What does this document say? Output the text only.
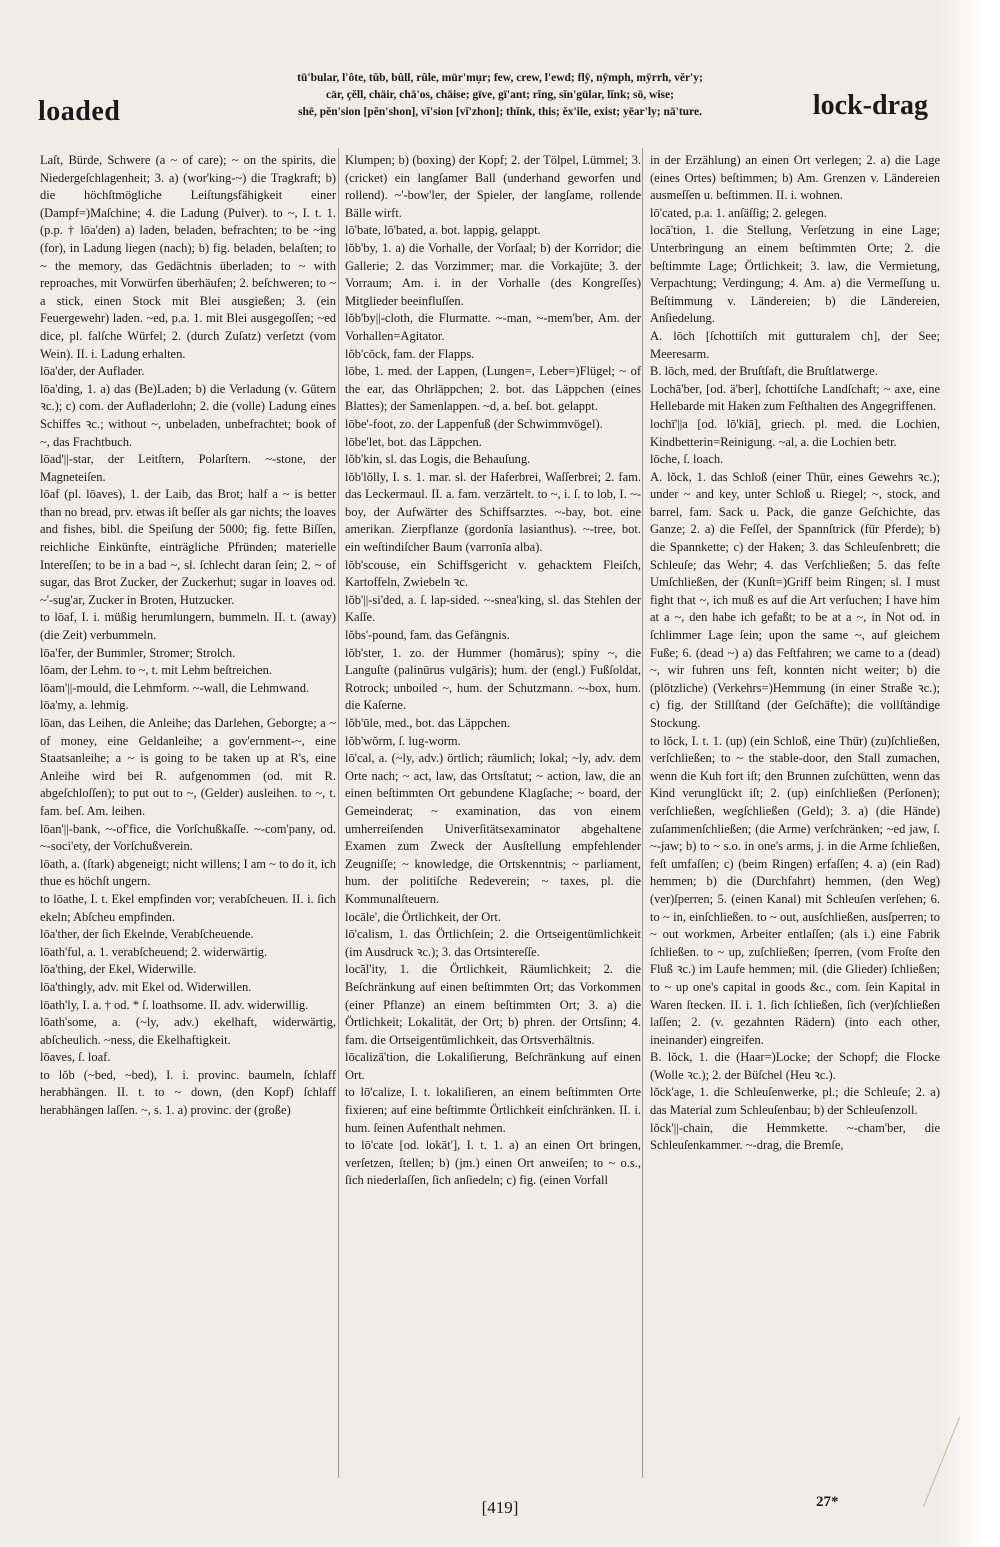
loaded
tū'bular, l'ôte, tŭb, bûll, rûle, mür'mụr; few, crew, l'ewd; flȳ, nȳmph, mȳrrh, vĕr'y;
cär, çĕll, chäir, chā'os, chāise; gïve, gï'ant; rĭng, sĭn'gülar, lĭnk; sō, wise;
shē, pĕn'sion [pĕn'shon], vĭ'sion [vĭ'zhon]; thĭnk, this; ĕx'ile, exist; yēar'ly; nā'ture.	lock-drag

Laſt, Bürde, Schwere (a ~ of care); ~ on the spirits, die Niedergeſchlagenheit; 3. a) (wor'king-~) die Tragkraft; b) die höchſtmögliche Leiſtungsfähigkeit einer (Dampf=)Maſchine; 4. die Ladung (Pulver). to ~, I. t. 1. (p.p. † lōa'den) a) laden, beladen, befrachten; to be ~ing (for), in Ladung liegen (nach); b) fig. beladen, belaſten; to ~ the memory, das Gedächtnis überladen; to ~ with reproaches, mit Vorwürfen überhäufen; 2. beſchweren; to ~ a stick, einen Stock mit Blei ausgießen; 3. (ein Feuergewehr) laden. ~ed, p.a. 1. mit Blei ausgegoſſen; ~ed dice, pl. falſche Würfel; 2. (durch Zuſatz) verſetzt (vom Wein). II. i. Ladung erhalten.

lōa'der, der Auflader.

lōa'ding, 1. a) das (Be)Laden; b) die Verladung (v. Gütern ꝛc.); c) com. der Aufladerlohn; 2. die (volle) Ladung eines Schiffes ꝛc.; without ~, unbeladen, unbefrachtet; book of ~, das Frachtbuch.

lōad'||-star, der Leitſtern, Polarſtern. ~-stone, der Magneteiſen.

lōaf (pl. lōaves), 1. der Laib, das Brot; half a ~ is better than no bread, prv. etwas iſt beſſer als gar nichts; the loaves and fishes, bibl. die Speiſung der 5000; fig. fette Biſſen, reichliche Einkünfte, einträgliche Pfründen; materielle Intereſſen; to be in a bad ~, sl. ſchlecht daran ſein; 2. ~ of sugar, das Brot Zucker, der Zuckerhut; sugar in loaves od. ~'-sug'ar, Zucker in Broten, Hutzucker.

to lōaf, I. i. müßig herumlungern, bummeln. II. t. (away) (die Zeit) verbummeln.

lōa'fer, der Bummler, Stromer; Strolch.

lōam, der Lehm. to ~, t. mit Lehm beſtreichen.

lōam'||-mould, die Lehmform. ~-wall, die Lehmwand.

lōa'my, a. lehmig.

lōan, das Leihen, die Anleihe; das Darlehen, Geborgte; a ~ of money, eine Geldanleihe; a gov'ernment-~, eine Staatsanleihe; a ~ is going to be taken up at R's, eine Anleihe wird bei R. aufgenommen (od. mit R. abgeſchloſſen); to put out to ~, (Gelder) ausleihen. to ~, t. fam. beſ. Am. leihen.

lōan'||-bank, ~-of'fice, die Vorſchußkaſſe. ~-com'pany, od. ~-soci'ety, der Vorſchußverein.

lōath, a. (ſtark) abgeneigt; nicht willens; I am ~ to do it, ich thue es höchſt ungern.

to lōathe, I. t. Ekel empfinden vor; verabſcheuen. II. i. ſich ekeln; Abſcheu empfinden.

lōa'ther, der ſich Ekelnde, Verabſcheuende.

lōath'ful, a. 1. verabſcheuend; 2. widerwärtig.

lōa'thing, der Ekel, Widerwille.

lōa'thingly, adv. mit Ekel od. Widerwillen.

lōath'ly, I. a. † od. * ſ. loathsome. II. adv. widerwillig.

lōath'some, a. (~ly, adv.) ekelhaft, widerwärtig, abſcheulich. ~ness, die Ekelhaftigkeit.

lōaves, ſ. loaf.

to lŏb (~bed, ~bed), I. i. provinc. baumeln, ſchlaff herabhängen. II. t. to ~ down, (den Kopf) ſchlaff herabhängen laſſen. ~, s. 1. a) provinc. der (große)

Klumpen; b) (boxing) der Kopf; 2. der Tölpel, Lümmel; 3. (cricket) ein langſamer Ball (underhand geworfen und rollend). ~'-bow'ler, der Spieler, der langſame, rollende Bälle wirft.

lō'bate, lō'bated, a. bot. lappig, gelappt.

lŏb'by, 1. a) die Vorhalle, der Vorſaal; b) der Korridor; die Gallerie; 2. das Vorzimmer; mar. die Vorkajüte; 3. der Vorraum; Am. i. in der Vorhalle (des Kongreſſes) Mitglieder beeinfluſſen.

lŏb'by||-cloth, die Flurmatte. ~-man, ~-mem'ber, Am. der Vorhallen=Agitator.

lŏb'cŏck, fam. der Flapps.

lōbe, 1. med. der Lappen, (Lungen=, Leber=)Flügel; ~ of the ear, das Ohrläppchen; 2. bot. das Läppchen (eines Blattes); der Samenlappen. ~d, a. beſ. bot. gelappt.

lōbe'-foot, zo. der Lappenfuß (der Schwimmvögel).

lōbe'let, bot. das Läppchen.

lŏb'kin, sl. das Logis, die Behauſung.

lŏb'lŏlly, I. s. 1. mar. sl. der Haferbrei, Waſſerbrei; 2. fam. das Leckermaul. II. a. fam. verzärtelt. to ~, i. ſ. to lob, I. ~-boy, der Aufwärter des Schiffsarztes. ~-bay, bot. eine amerikan. Zierpflanze (gordonĭa lasianthus). ~-tree, bot. ein weſtindiſcher Baum (varronĭa alba).

lŏb'scouse, ein Schiffsgericht v. gehacktem Fleiſch, Kartoffeln, Zwiebeln ꝛc.

lŏb'||-si'ded, a. ſ. lap-sided. ~-snea'king, sl. das Stehlen der Kaſſe.

lŏbs'-pound, fam. das Gefängnis.

lŏb'ster, 1. zo. der Hummer (homărus); spiny ~, die Languſte (palinūrus vulgāris); hum. der (engl.) Fußſoldat, Rotrock; unboiled ~, hum. der Schutzmann. ~-box, hum. die Kaſerne.

lŏb'ūle, med., bot. das Läppchen.

lŏb'wŏrm, ſ. lug-worm.

lō'cal, a. (~ly, adv.) örtlich; räumlich; lokal; ~ly, adv. dem Orte nach; ~ act, law, das Ortsſtatut; ~ action, law, die an einen beſtimmten Ort gebundene Klagſache; ~ board, der Gemeinderat; ~ examination, das von einem umherreiſenden Univerſitätsexaminator abgehaltene Examen zum Zweck der Ausſtellung empfehlender Zeugniſſe; ~ knowledge, die Ortskenntnis; ~ parliament, hum. der politiſche Redeverein; ~ taxes, pl. die Kommunalſteuern.

locāle', die Örtlichkeit, der Ort.

lō'calism, 1. das Örtlichſein; 2. die Ortseigentümlichkeit (im Ausdruck ꝛc.); 3. das Ortsintereſſe.

locăl'ity, 1. die Örtlichkeit, Räumlichkeit; 2. die Beſchränkung auf einen beſtimmten Ort; das Vorkommen (einer Pflanze) an einem beſtimmten Ort; 3. a) die Örtlichkeit; Lokalität, der Ort; b) phren. der Ortsſinn; 4. fam. die Ortseigentümlichkeit, das Ortsverhältnis.

lōcalizā'tion, die Lokaliſierung, Beſchränkung auf einen Ort.

to lō'calize, I. t. lokaliſieren, an einem beſtimmten Orte fixieren; auf eine beſtimmte Örtlichkeit einſchränken. II. i. hum. ſeinen Aufenthalt nehmen.

to lō'cate [od. lokāt'], I. t. 1. a) an einen Ort bringen, verſetzen, ſtellen; b) (jm.) einen Ort anweiſen; to ~ o.s., ſich niederlaſſen, ſich anſiedeln; c) fig. (einen Vorfall

in der Erzählung) an einen Ort verlegen; 2. a) die Lage (eines Ortes) beſtimmen; b) Am. Grenzen v. Ländereien ausmeſſen u. beſtimmen. II. i. wohnen.

lō'cated, p.a. 1. anſäſſig; 2. gelegen.

locā'tion, 1. die Stellung, Verſetzung in eine Lage; Unterbringung an einem beſtimmten Orte; 2. die beſtimmte Lage; Örtlichkeit; 3. law, die Vermietung, Verpachtung; Verdingung; 4. Am. a) die Vermeſſung u. Beſtimmung v. Ländereien; b) die Ländereien, Anſiedelung.

A. lōch [ſchottiſch mit gutturalem ch], der See; Meeresarm.

B. lōch, med. der Bruſtſaft, die Bruſtlatwerge.

Lochā'ber, [od. ä'ber], ſchottiſche Landſchaft; ~ axe, eine Hellebarde mit Haken zum Feſthalten des Angegriffenen.

lochī'||a [od. lō'kiā], griech. pl. med. die Lochien, Kindbetterin=Reinigung. ~al, a. die Lochien betr.

lōche, ſ. loach.

A. lŏck, 1. das Schloß (einer Thür, eines Gewehrs ꝛc.); under ~ and key, unter Schloß u. Riegel; ~, stock, and barrel, fam. Sack u. Pack, die ganze Geſchichte, das Ganze; 2. a) die Feſſel, der Spannſtrick (für Pferde); b) die Spannkette; c) der Haken; 3. das Schleuſenbrett; die Schleuſe; das Wehr; 4. das Verſchließen; 5. das feſte Umſchließen, der (Kunſt=)Griff beim Ringen; sl. I must fight that ~, ich muß es auf die Art verſuchen; I have him at a ~, den habe ich gefaßt; to be at a ~, in Not od. in ſchlimmer Lage ſein; upon the same ~, auf gleichem Fuße; 6. (dead ~) a) das Feſtfahren; we came to a (dead) ~, wir fuhren uns feſt, konnten nicht weiter; b) die (plötzliche) (Verkehrs=)Hemmung (in einer Straße ꝛc.); c) fig. der Stillſtand (der Geſchäfte); die vollſtändige Stockung.

to lŏck, I. t. 1. (up) (ein Schloß, eine Thür) (zu)ſchließen, verſchließen; to ~ the stable-door, den Stall zumachen, wenn die Kuh fort iſt; den Brunnen zuſchütten, wenn das Kind verunglückt iſt; 2. (up) einſchließen (Perſonen); verſchließen, wegſchließen (Geld); 3. a) (die Hände) zuſammenſchließen; (die Arme) verſchränken; ~ed jaw, ſ. ~-jaw; b) to ~ s.o. in one's arms, j. in die Arme ſchließen, feſt umfaſſen; c) (beim Ringen) erfaſſen; 4. a) (ein Rad) hemmen; b) die (Durchfahrt) hemmen, (den Weg) (ver)ſperren; 5. (einen Kanal) mit Schleuſen verſehen; 6. to ~ in, einſchließen. to ~ out, ausſchließen, ausſperren; to ~ out workmen, Arbeiter entlaſſen; (als i.) eine Fabrik ſchließen. to ~ up, zuſchließen; ſperren, (vom Froſte den Fluß ꝛc.) im Laufe hemmen; mil. (die Glieder) ſchließen; to ~ up one's capital in goods &c., com. ſein Kapital in Waren ſtecken. II. i. 1. ſich ſchließen, ſich (ver)ſchließen laſſen; 2. (v. gezahnten Rädern) (into each other, ineinander) eingreifen.

B. lŏck, 1. die (Haar=)Locke; der Schopf; die Flocke (Wolle ꝛc.); 2. der Büſchel (Heu ꝛc.).

lŏck'age, 1. die Schleuſenwerke, pl.; die Schleuſe; 2. a) das Material zum Schleuſenbau; b) der Schleuſenzoll.

lŏck'||-chain, die Hemmkette. ~-cham'ber, die Schleuſenkammer. ~-drag, die Bremſe,

[419]	27*
